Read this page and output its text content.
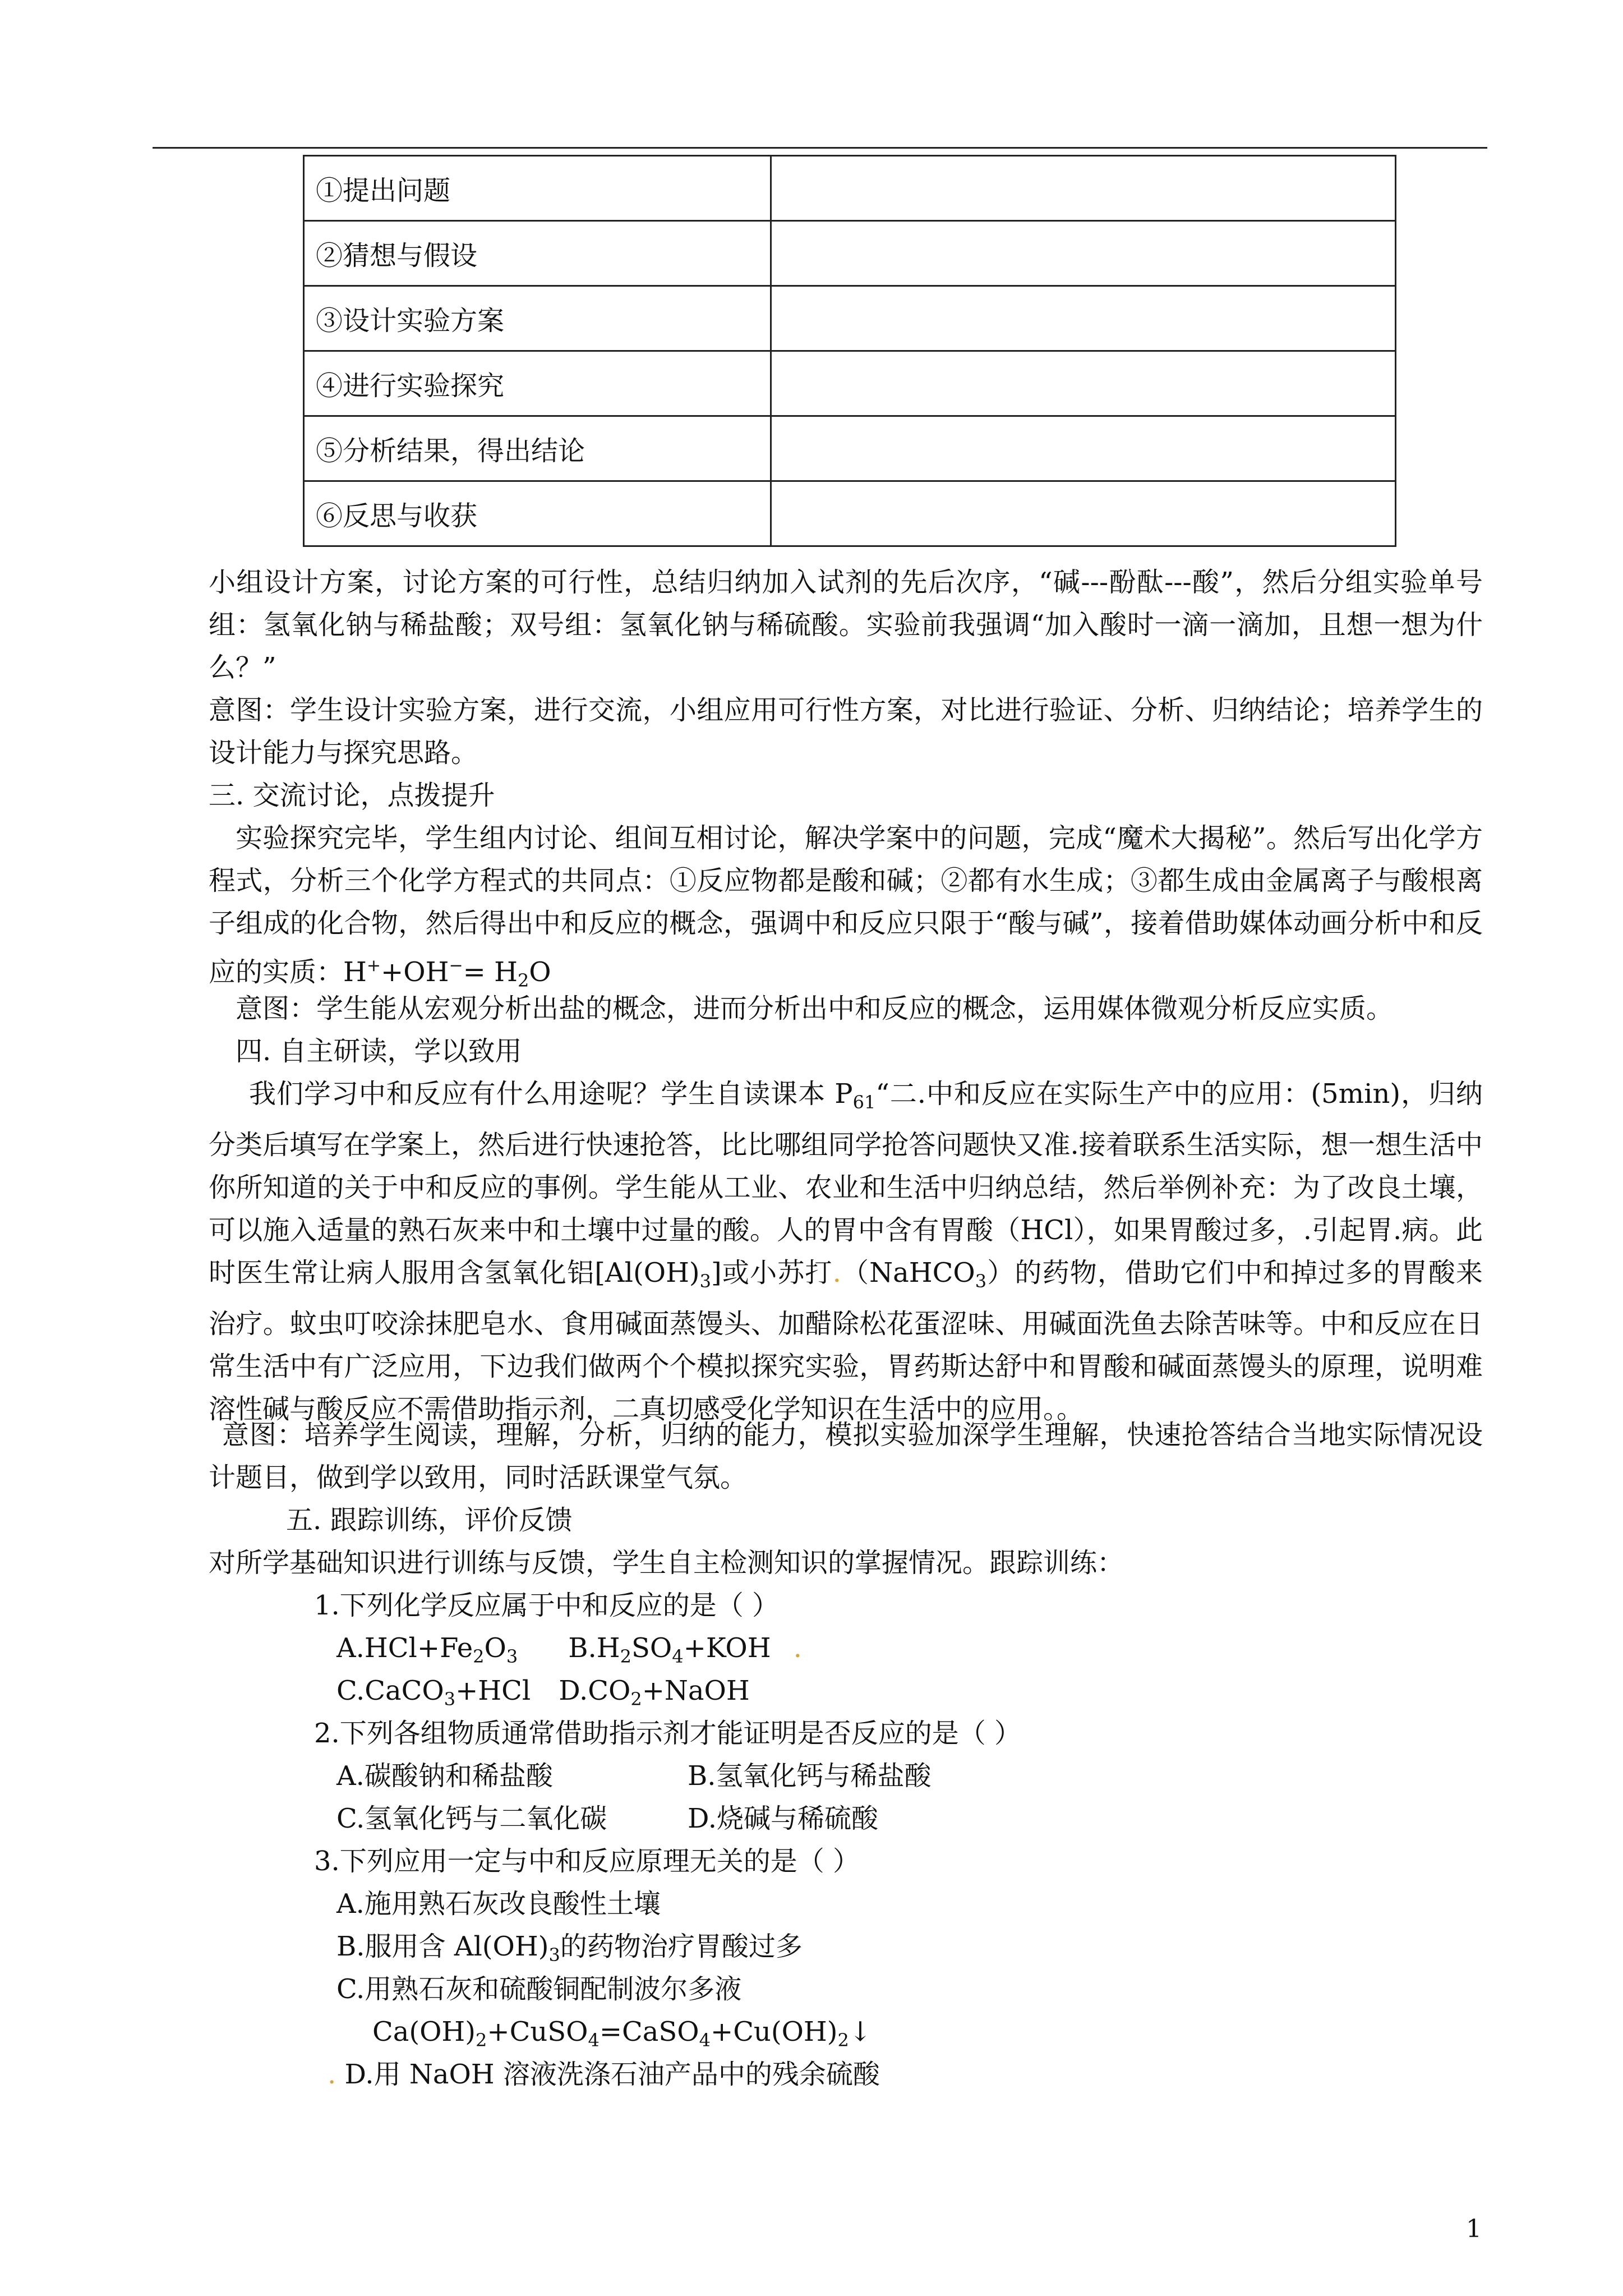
①提出问题	
②猜想与假设	
③设计实验方案	
④进行实验探究	
⑤分析结果，得出结论	
⑥反思与收获	
小组设计方案，讨论方案的可行性，总结归纳加入试剂的先后次序，“碱---酚酞---酸”，然后分组实验单号组：氢氧化钠与稀盐酸；双号组：氢氧化钠与稀硫酸。实验前我强调“加入酸时一滴一滴加，且想一想为什么？”
意图：学生设计实验方案，进行交流，小组应用可行性方案，对比进行验证、分析、归纳结论；培养学生的设计能力与探究思路。
三. 交流讨论，点拨提升
实验探究完毕，学生组内讨论、组间互相讨论，解决学案中的问题，完成“魔术大揭秘”。然后写出化学方程式，分析三个化学方程式的共同点：①反应物都是酸和碱；②都有水生成；③都生成由金属离子与酸根离子组成的化合物，然后得出中和反应的概念，强调中和反应只限于“酸与碱”，接着借助媒体动画分析中和反应的实质：$H^++OH^-= H_2O$
意图：学生能从宏观分析出盐的概念，进而分析出中和反应的概念，运用媒体微观分析反应实质。
四. 自主研读，学以致用
我们学习中和反应有什么用途呢？学生自读课本 $P_{61}“$二.中和反应在实际生产中的应用：(5min)，归纳分类后填写在学案上，然后进行快速抢答，比比哪组同学抢答问题快又准.接着联系生活实际，想一想生活中你所知道的关于中和反应的事例。学生能从工业、农业和生活中归纳总结，然后举例补充：为了改良土壤，可以施入适量的熟石灰来中和土壤中过量的酸。人的胃中含有胃酸（HCl），如果胃酸过多，.引起胃.病。此时医生常让病人服用含氢氧化铝$[Al(OH)_3]$或小苏打.（NaHCO$_3$）的药物，借助它们中和掉过多的胃酸来治疗。蚊虫叮咬涂抹肥皂水、食用碱面蒸馒头、加醋除松花蛋涩味、用碱面洗鱼去除苦味等。中和反应在日常生活中有广泛应用，下边我们做两个个模拟探究实验，胃药斯达舒中和胃酸和碱面蒸馒头的原理，说明难溶性碱与酸反应不需借助指示剂，二真切感受化学知识在生活中的应用。。
意图：培养学生阅读，理解，分析，归纳的能力，模拟实验加深学生理解，快速抢答结合当地实际情况设计题目，做到学以致用，同时活跃课堂气氛。
五. 跟踪训练，评价反馈
对所学基础知识进行训练与反馈，学生自主检测知识的掌握情况。跟踪训练：
1.下列化学反应属于中和反应的是（ ）
$A.HCl+Fe_2O_3$ $B.H_2SO_4+KOH$ .
C.CaCO$_3$+HCl $D.CO_2+NaOH$
2.下列各组物质通常借助指示剂才能证明是否反应的是（ ）
A.碳酸钠和稀盐酸	B.氢氧化钙与稀盐酸
C.氢氧化钙与二氧化碳	D.烧碱与稀硫酸
3.下列应用一定与中和反应原理无关的是（ ）
A.施用熟石灰改良酸性土壤
B.服用含 $Al(OH)_3$的药物治疗胃酸过多
C.用熟石灰和硫酸铜配制波尔多液
$Ca(OH)_2+CuSO_4=CaSO_4+Cu(OH)_2↓$
. D.用 NaOH 溶液洗涤石油产品中的残余硫酸
1
